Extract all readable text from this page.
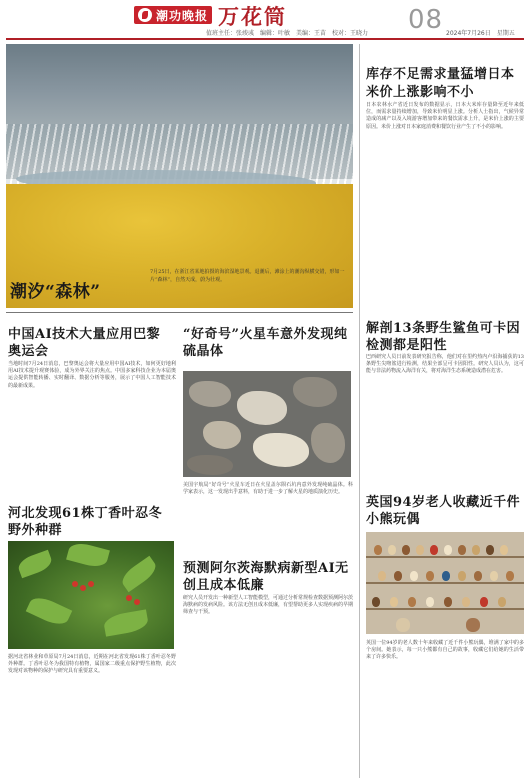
潮功晚报 万花筒	08
值班主任：张竣彧　编辑：叶敏　美编：王苗　校对：王晓力	2024年7月26日　星期五
潮汐“森林”
7月25日，在浙江省某地拍摄的海滨湿地景观。退潮后，滩涂上的潮沟纵横交错，形如一片“森林”，自然天成，蔚为壮观。
中国AI技术大量应用巴黎奥运会
当地时间7月24日消息，巴黎奥运会将大量应用中国AI技术，如何更好地利用AI技术提升观赛体验，成为外界关注的焦点。中国多家科技企业为本届奥运会提供智能转播、实时翻译、数据分析等服务，展示了中国人工智能技术的最新成果。
河北发现61株丁香叶忍冬野外种群
据河北省林业和草原局7月24日消息，近期在河北省发现61株丁香叶忍冬野外种群。丁香叶忍冬为我国特有植物，属国家二级重点保护野生植物，此次发现对该物种的保护与研究具有重要意义。
“好奇号”火星车意外发现纯硫晶体
美国宇航局“好奇号”火星车近日在火星盖尔陨石坑内意外发现纯硫晶体。科学家表示，这一发现出乎意料，有助于进一步了解火星的地质演化历史。
预测阿尔茨海默病新型AI无创且成本低廉
研究人员开发出一种新型人工智能模型，可通过分析常规检查数据预测阿尔茨海默病的发病风险。该方法无创且成本低廉，有望帮助更多人实现疾病的早期筛查与干预。
库存不足需求量猛增日本米价上涨影响不小
日本农林水产省近日发布的数据显示，日本大米库存量降至近年来低位，而需求量持续增加，导致米价明显上涨。分析人士指出，气候异常造成的减产以及入境游客增加带来的餐饮需求上升，是米价上涨的主要原因。米价上涨对日本家庭消费和餐饮行业产生了不小的影响。
解剖13条野生鲨鱼可卡因检测都是阳性
巴西研究人员日前发表研究报告称，他们对在里约热内卢沿海捕获的13条野生尖吻鲨进行检测，结果全部呈可卡因阳性。研究人员认为，这可能与非法药物流入海洋有关，将对海洋生态系统造成潜在危害。
英国94岁老人收藏近千件小熊玩偶
英国一位94岁的老人数十年来收藏了近千件小熊玩偶，堆满了家中的多个房间。她表示，每一只小熊都有自己的故事，收藏它们给她的生活带来了许多快乐。
